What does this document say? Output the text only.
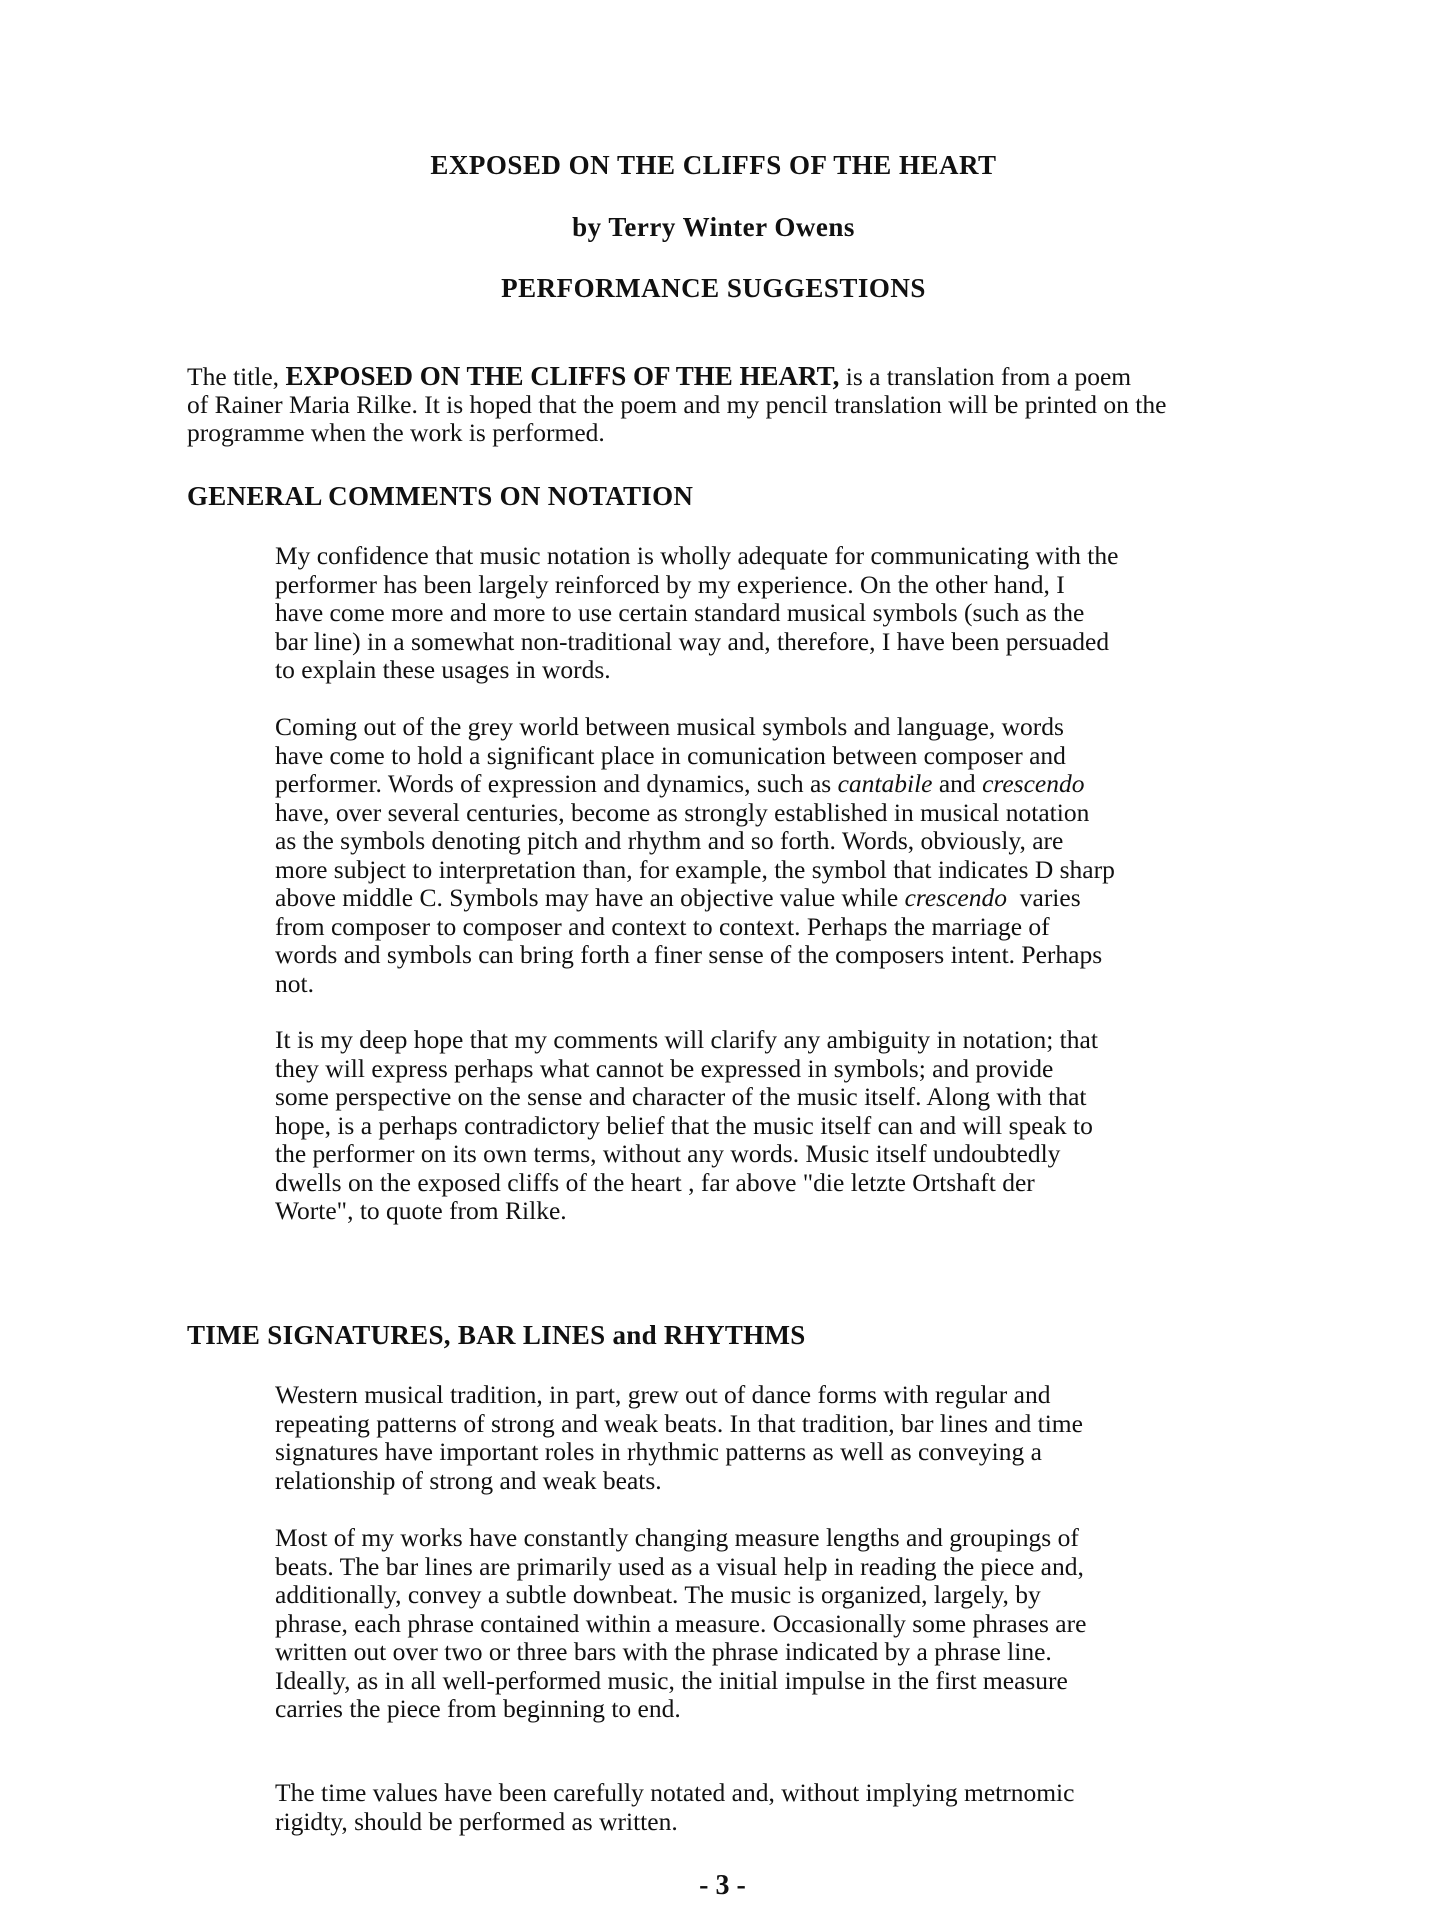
EXPOSED ON THE CLIFFS OF THE HEART
by Terry Winter Owens
PERFORMANCE SUGGESTIONS
The title, EXPOSED ON THE CLIFFS OF THE HEART, is a translation from a poem
of Rainer Maria Rilke. It is hoped that the poem and my pencil translation will be printed on the
programme when the work is performed.
GENERAL COMMENTS ON NOTATION
My confidence that music notation is wholly adequate for communicating with the
performer has been largely reinforced by my experience. On the other hand, I
have come more and more to use certain standard musical symbols (such as the
bar line) in a somewhat non-traditional way and, therefore, I have been persuaded
to explain these usages in words.
Coming out of the grey world between musical symbols and language, words
have come to hold a significant place in comunication between composer and
performer. Words of expression and dynamics, such as cantabile and crescendo
have, over several centuries, become as strongly established in musical notation
as the symbols denoting pitch and rhythm and so forth. Words, obviously, are
more subject to interpretation than, for example, the symbol that indicates D sharp
above middle C. Symbols may have an objective value while crescendo varies
from composer to composer and context to context. Perhaps the marriage of
words and symbols can bring forth a finer sense of the composers intent. Perhaps
not.
It is my deep hope that my comments will clarify any ambiguity in notation; that
they will express perhaps what cannot be expressed in symbols; and provide
some perspective on the sense and character of the music itself. Along with that
hope, is a perhaps contradictory belief that the music itself can and will speak to
the performer on its own terms, without any words. Music itself undoubtedly
dwells on the exposed cliffs of the heart , far above "die letzte Ortshaft der
Worte", to quote from Rilke.
TIME SIGNATURES, BAR LINES and RHYTHMS
Western musical tradition, in part, grew out of dance forms with regular and
repeating patterns of strong and weak beats. In that tradition, bar lines and time
signatures have important roles in rhythmic patterns as well as conveying a
relationship of strong and weak beats.
Most of my works have constantly changing measure lengths and groupings of
beats. The bar lines are primarily used as a visual help in reading the piece and,
additionally, convey a subtle downbeat. The music is organized, largely, by
phrase, each phrase contained within a measure. Occasionally some phrases are
written out over two or three bars with the phrase indicated by a phrase line.
Ideally, as in all well-performed music, the initial impulse in the first measure
carries the piece from beginning to end.
The time values have been carefully notated and, without implying metrnomic
rigidty, should be performed as written.
- 3 -
